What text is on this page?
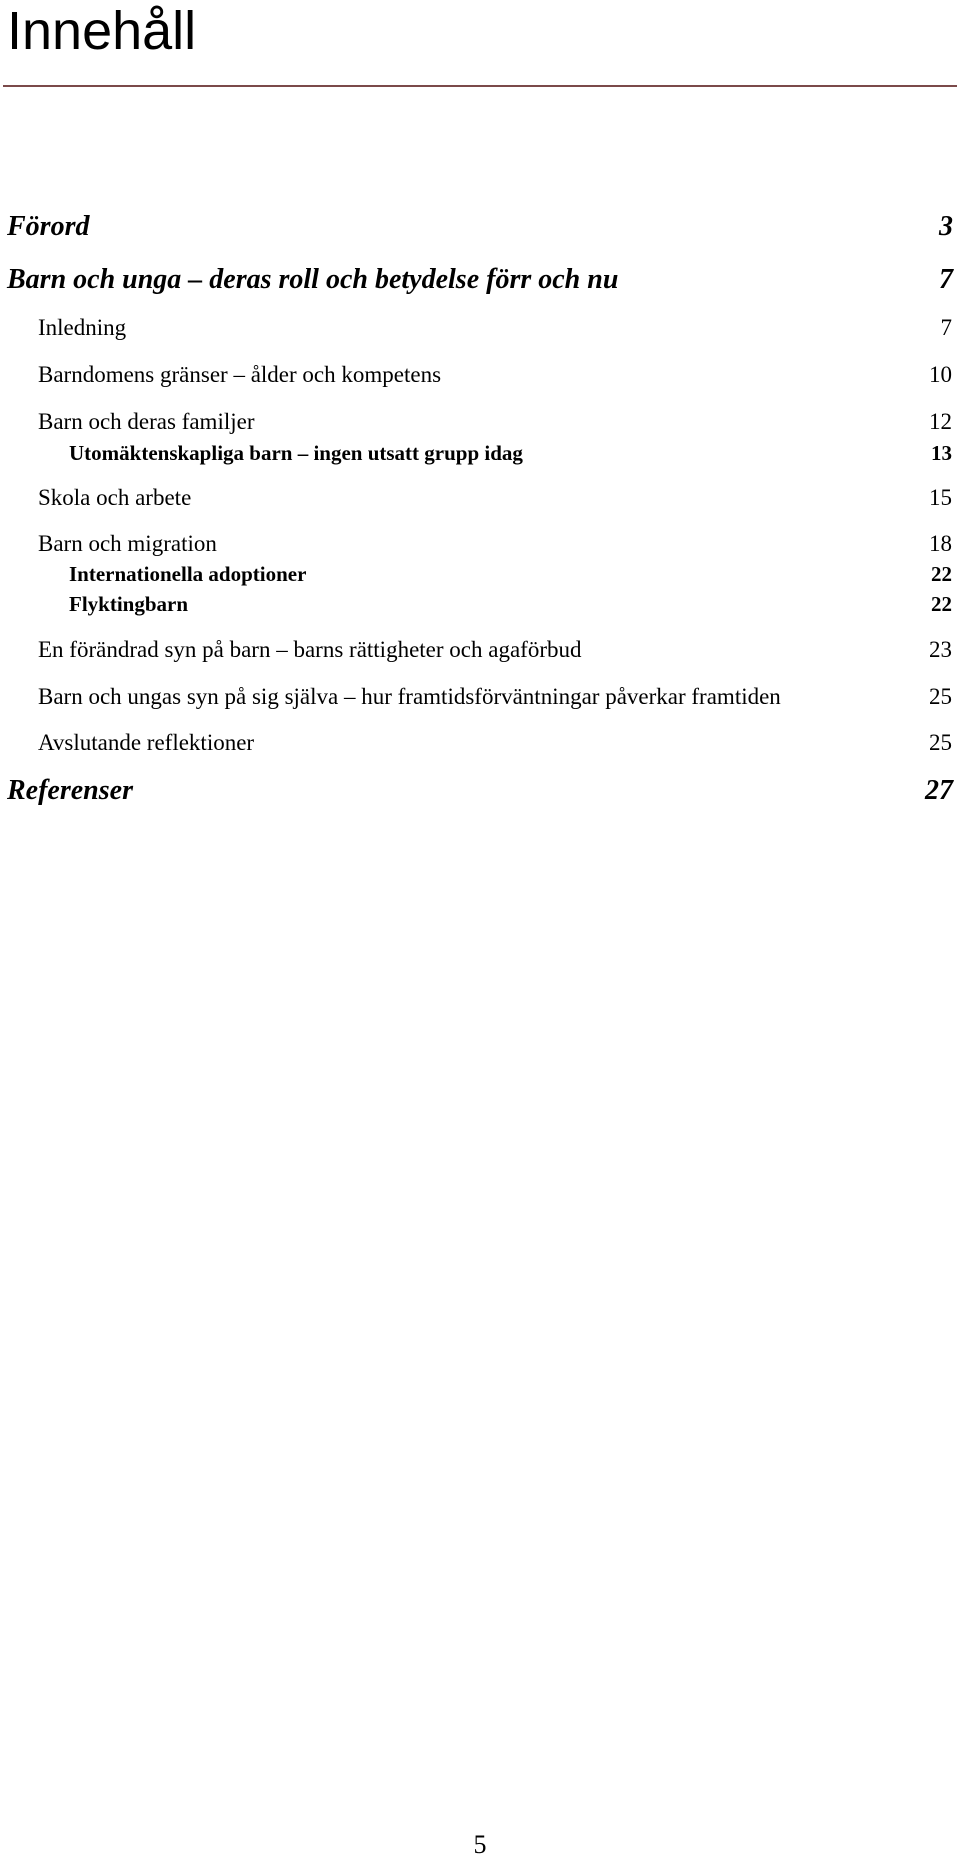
Innehåll
Förord	3
Barn och unga – deras roll och betydelse förr och nu	7
Inledning	7
Barndomens gränser – ålder och kompetens	10
Barn och deras familjer	12
Utomäktenskapliga barn – ingen utsatt grupp idag	13
Skola och arbete	15
Barn och migration	18
Internationella adoptioner	22
Flyktingbarn	22
En förändrad syn på barn – barns rättigheter och agaförbud	23
Barn och ungas syn på sig själva – hur framtidsförväntningar påverkar framtiden	25
Avslutande reflektioner	25
Referenser	27
5
